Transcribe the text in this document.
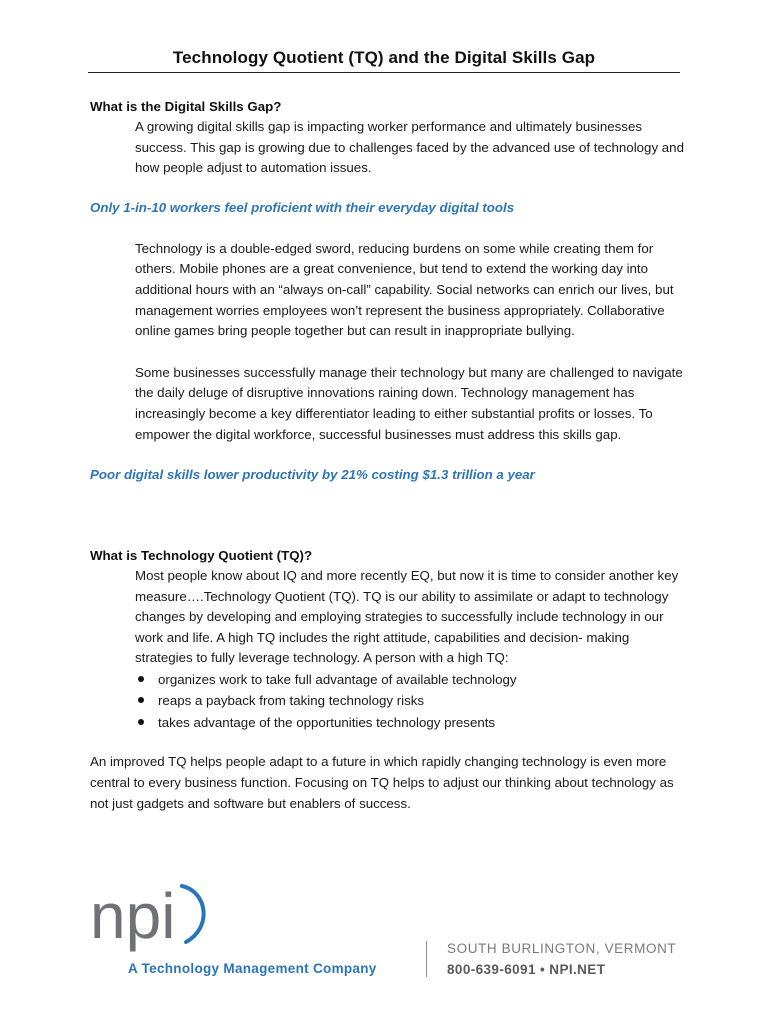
Technology Quotient (TQ) and the Digital Skills Gap
What is the Digital Skills Gap?

A growing digital skills gap is impacting worker performance and ultimately businesses success. This gap is growing due to challenges faced by the advanced use of technology and how people adjust to automation issues.

Only 1-in-10 workers feel proficient with their everyday digital tools

Technology is a double-edged sword, reducing burdens on some while creating them for others. Mobile phones are a great convenience, but tend to extend the working day into additional hours with an “always on-call” capability. Social networks can enrich our lives, but management worries employees won’t represent the business appropriately. Collaborative online games bring people together but can result in inappropriate bullying.

Some businesses successfully manage their technology but many are challenged to navigate the daily deluge of disruptive innovations raining down. Technology management has increasingly become a key differentiator leading to either substantial profits or losses. To empower the digital workforce, successful businesses must address this skills gap.

Poor digital skills lower productivity by 21% costing $1.3 trillion a year

What is Technology Quotient (TQ)?

Most people know about IQ and more recently EQ, but now it is time to consider another key measure….Technology Quotient (TQ). TQ is our ability to assimilate or adapt to technology changes by developing and employing strategies to successfully include technology in our work and life. A high TQ includes the right attitude, capabilities and decision- making strategies to fully leverage technology. A person with a high TQ:

organizes work to take full advantage of available technology
reaps a payback from taking technology risks
takes advantage of the opportunities technology presents

An improved TQ helps people adapt to a future in which rapidly changing technology is even more central to every business function. Focusing on TQ helps to adjust our thinking about technology as not just gadgets and software but enablers of success.

npi

A Technology Management Company

SOUTH BURLINGTON, VERMONT

800-639-6091 • NPI.NET
